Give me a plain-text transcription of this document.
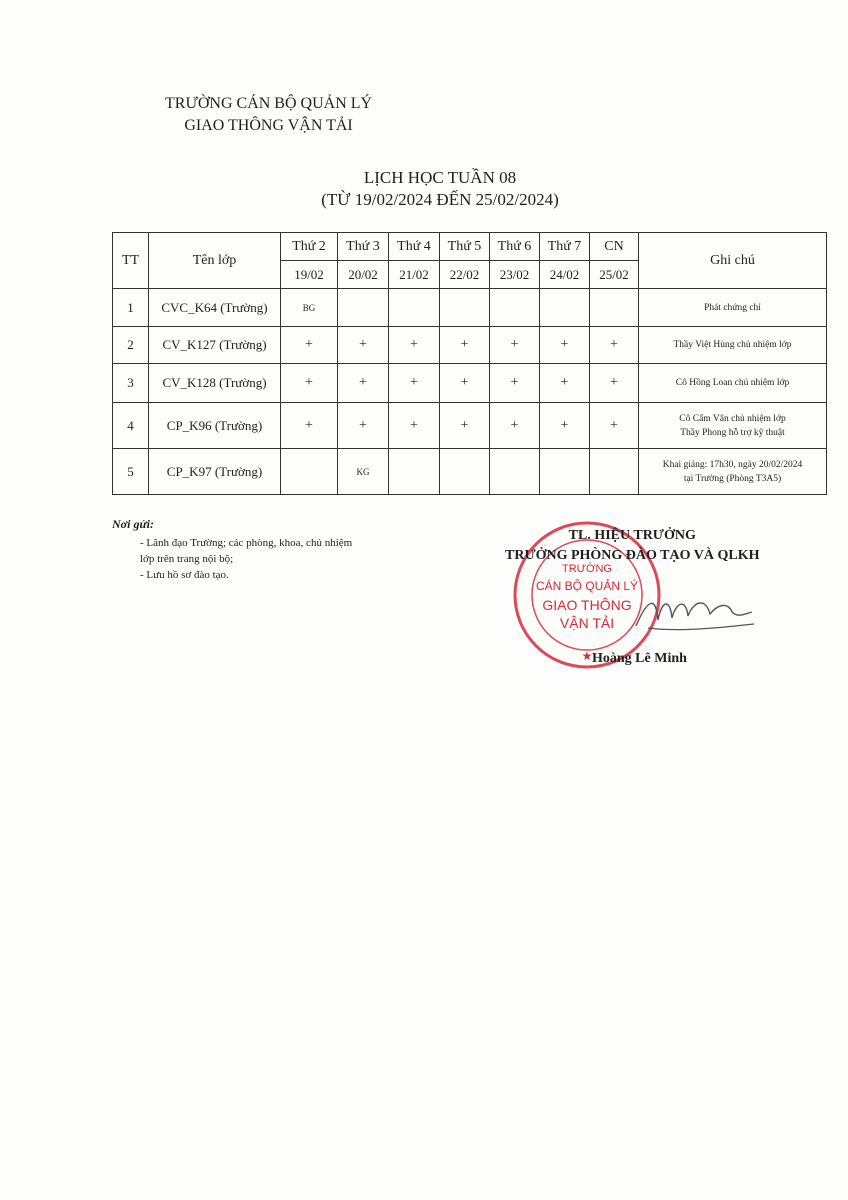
TRƯỜNG CÁN BỘ QUẢN LÝ
GIAO THÔNG VẬN TẢI
LỊCH HỌC TUẦN 08
(TỪ 19/02/2024 ĐẾN 25/02/2024)
TT	Tên lớp	Thứ 2	Thứ 3	Thứ 4	Thứ 5	Thứ 6	Thứ 7	CN	Ghi chú
		19/02	20/02	21/02	22/02	23/02	24/02	25/02	
1	CVC_K64 (Trường)	BG							Phát chứng chỉ
2	CV_K127 (Trường)	+	+	+	+	+	+	+	Thầy Việt Hùng chủ nhiệm lớp
3	CV_K128 (Trường)	+	+	+	+	+	+	+	Cô Hồng Loan chủ nhiệm lớp
4	CP_K96 (Trường)	+	+	+	+	+	+	+	Cô Cẩm Vân chủ nhiệm lớp
Thầy Phong hỗ trợ kỹ thuật

5	CP_K97 (Trường)		KG						Khai giảng: 17h30, ngày 20/02/2024
tại Trường (Phòng T3A5)
Nơi gửi:
- Lãnh đạo Trường; các phòng, khoa, chủ nhiệm
lớp trên trang nội bộ;
- Lưu hồ sơ đào tạo.	TRƯỜNG
CÁN BỘ QUẢN LÝ
GIAO THÔNG
VẬN TẢI
★
TL. HIỆU TRƯỞNG
TRƯỞNG PHÒNG ĐÀO TẠO VÀ QLKH
Hoàng Lê Minh
